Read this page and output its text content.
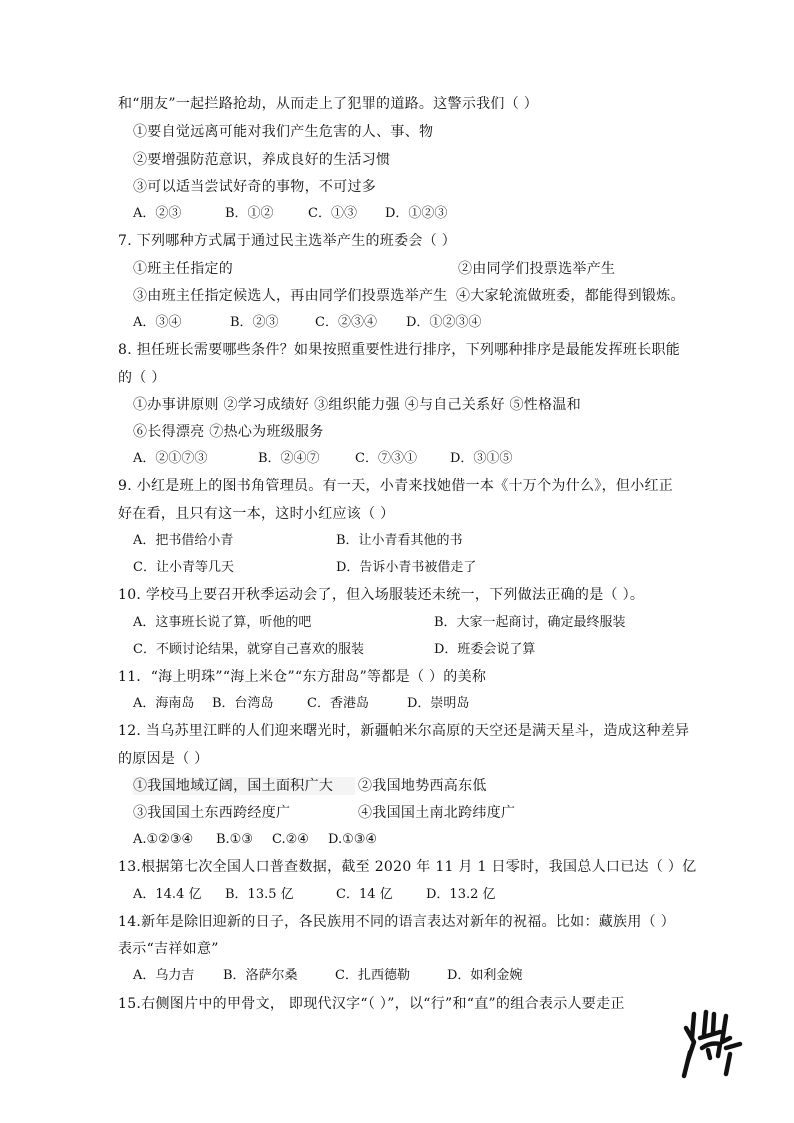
和“朋友”一起拦路抢劫，从而走上了犯罪的道路。这警示我们（ ）
①要自觉远离可能对我们产生危害的人、事、物
②要增强防范意识，养成良好的生活习惯
③可以适当尝试好奇的事物，不可过多
A．②③	B．①②	C．①③ D．①②③
7. 下列哪种方式属于通过民主选举产生的班委会（ ）
①班主任指定的	②由同学们投票选举产生
③由班主任指定候选人，再由同学们投票选举产生 ④大家轮流做班委，都能得到锻炼。
A．③④	B．②③	C．②③④ D．①②③④
8. 担任班长需要哪些条件？如果按照重要性进行排序，下列哪种排序是最能发挥班长职能
的（ ）
①办事讲原则 ②学习成绩好 ③组织能力强 ④与自己关系好 ⑤性格温和
⑥长得漂亮 ⑦热心为班级服务
A．②①⑦③	B．②④⑦	C．⑦③①	D．③①⑤
9. 小红是班上的图书角管理员。有一天，小青来找她借一本《十万个为什么》，但小红正
好在看，且只有这一本，这时小红应该（ ）
A．把书借给小青	B．让小青看其他的书
C．让小青等几天	D．告诉小青书被借走了
10. 学校马上要召开秋季运动会了，但入场服装还未统一，下列做法正确的是（ ）。
A．这事班长说了算，听他的吧	B．大家一起商讨，确定最终服装
C．不顾讨论结果，就穿自己喜欢的服装	D．班委会说了算
11．“海上明珠”“海上米仓”“东方甜岛”等都是（ ）的美称
A．海南岛 B．台湾岛	C．香港岛	D．崇明岛
12. 当乌苏里江畔的人们迎来曙光时，新疆帕米尔高原的天空还是满天星斗，造成这种差异
的原因是（ ）
①我国地域辽阔，国土面积广大	②我国地势西高东低
③我国国土东西跨经度广	④我国国土南北跨纬度广
A.①②③④ B.①③ C.②④ D.①③④
13.根据第七次全国人口普查数据，截至 2020 年 11 月 1 日零时，我国总人口已达（ ）亿
A．14.4 亿 B．13.5 亿	C．14 亿	D．13.2 亿
14.新年是除旧迎新的日子，各民族用不同的语言表达对新年的祝福。比如：藏族用（ ）
表示“吉祥如意”
A．乌力吉 B．洛萨尔桑	C．扎西德勒	D．如利金婉
15.右侧图片中的甲骨文， 即现代汉字“（ ）”，以“行”和“直”的组合表示人要走正
